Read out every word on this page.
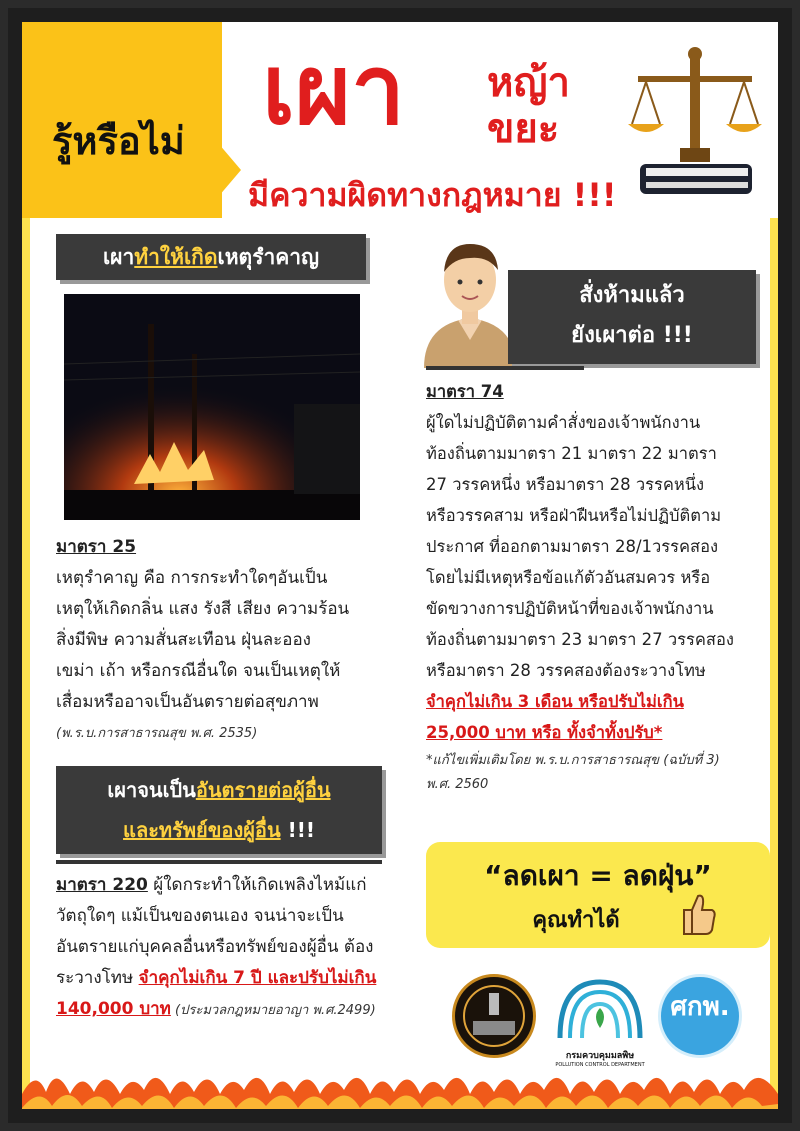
รู้หรือไม่ เผา หญ้า
ขยะ
มีความผิดทางกฎหมาย !!!
เผาทำให้เกิดเหตุรำคาญ
มาตรา 25
เหตุรำคาญ คือ การกระทำใดๆอันเป็น
เหตุให้เกิดกลิ่น แสง รังสี เสียง ความร้อน
สิ่งมีพิษ ความสั่นสะเทือน ฝุ่นละออง
เขม่า เถ้า หรือกรณีอื่นใด จนเป็นเหตุให้
เสื่อมหรืออาจเป็นอันตรายต่อสุขภาพ
(พ.ร.บ.การสาธารณสุข พ.ศ. 2535)
เผาจนเป็นอันตรายต่อผู้อื่น
และทรัพย์ของผู้อื่น !!!
มาตรา 220 ผู้ใดกระทำให้เกิดเพลิงไหม้แก่
วัตถุใดๆ แม้เป็นของตนเอง จนน่าจะเป็น
อันตรายแก่บุคคลอื่นหรือทรัพย์ของผู้อื่น ต้อง
ระวางโทษ จำคุกไม่เกิน 7 ปี และปรับไม่เกิน
140,000 บาท (ประมวลกฎหมายอาญา พ.ศ.2499)
สั่งห้ามแล้ว
ยังเผาต่อ !!!
มาตรา 74
ผู้ใดไม่ปฏิบัติตามคำสั่งของเจ้าพนักงาน
ท้องถิ่นตามมาตรา 21 มาตรา 22 มาตรา
27 วรรคหนึ่ง หรือมาตรา 28 วรรคหนึ่ง
หรือวรรคสาม หรือฝ่าฝืนหรือไม่ปฏิบัติตาม
ประกาศ ที่ออกตามมาตรา 28/1วรรคสอง
โดยไม่มีเหตุหรือข้อแก้ตัวอันสมควร หรือ
ขัดขวางการปฏิบัติหน้าที่ของเจ้าพนักงาน
ท้องถิ่นตามมาตรา 23 มาตรา 27 วรรคสอง
หรือมาตรา 28 วรรคสองต้องระวางโทษ
จำคุกไม่เกิน 3 เดือน หรือปรับไม่เกิน
25,000 บาท หรือ ทั้งจำทั้งปรับ*
*แก้ไขเพิ่มเติมโดย พ.ร.บ.การสาธารณสุข (ฉบับที่ 3)
พ.ศ. 2560
“ลดเผา = ลดฝุ่น”
คุณทำได้
กรมควบคุมมลพิษ
POLLUTION CONTROL DEPARTMENT
ศกพ.
